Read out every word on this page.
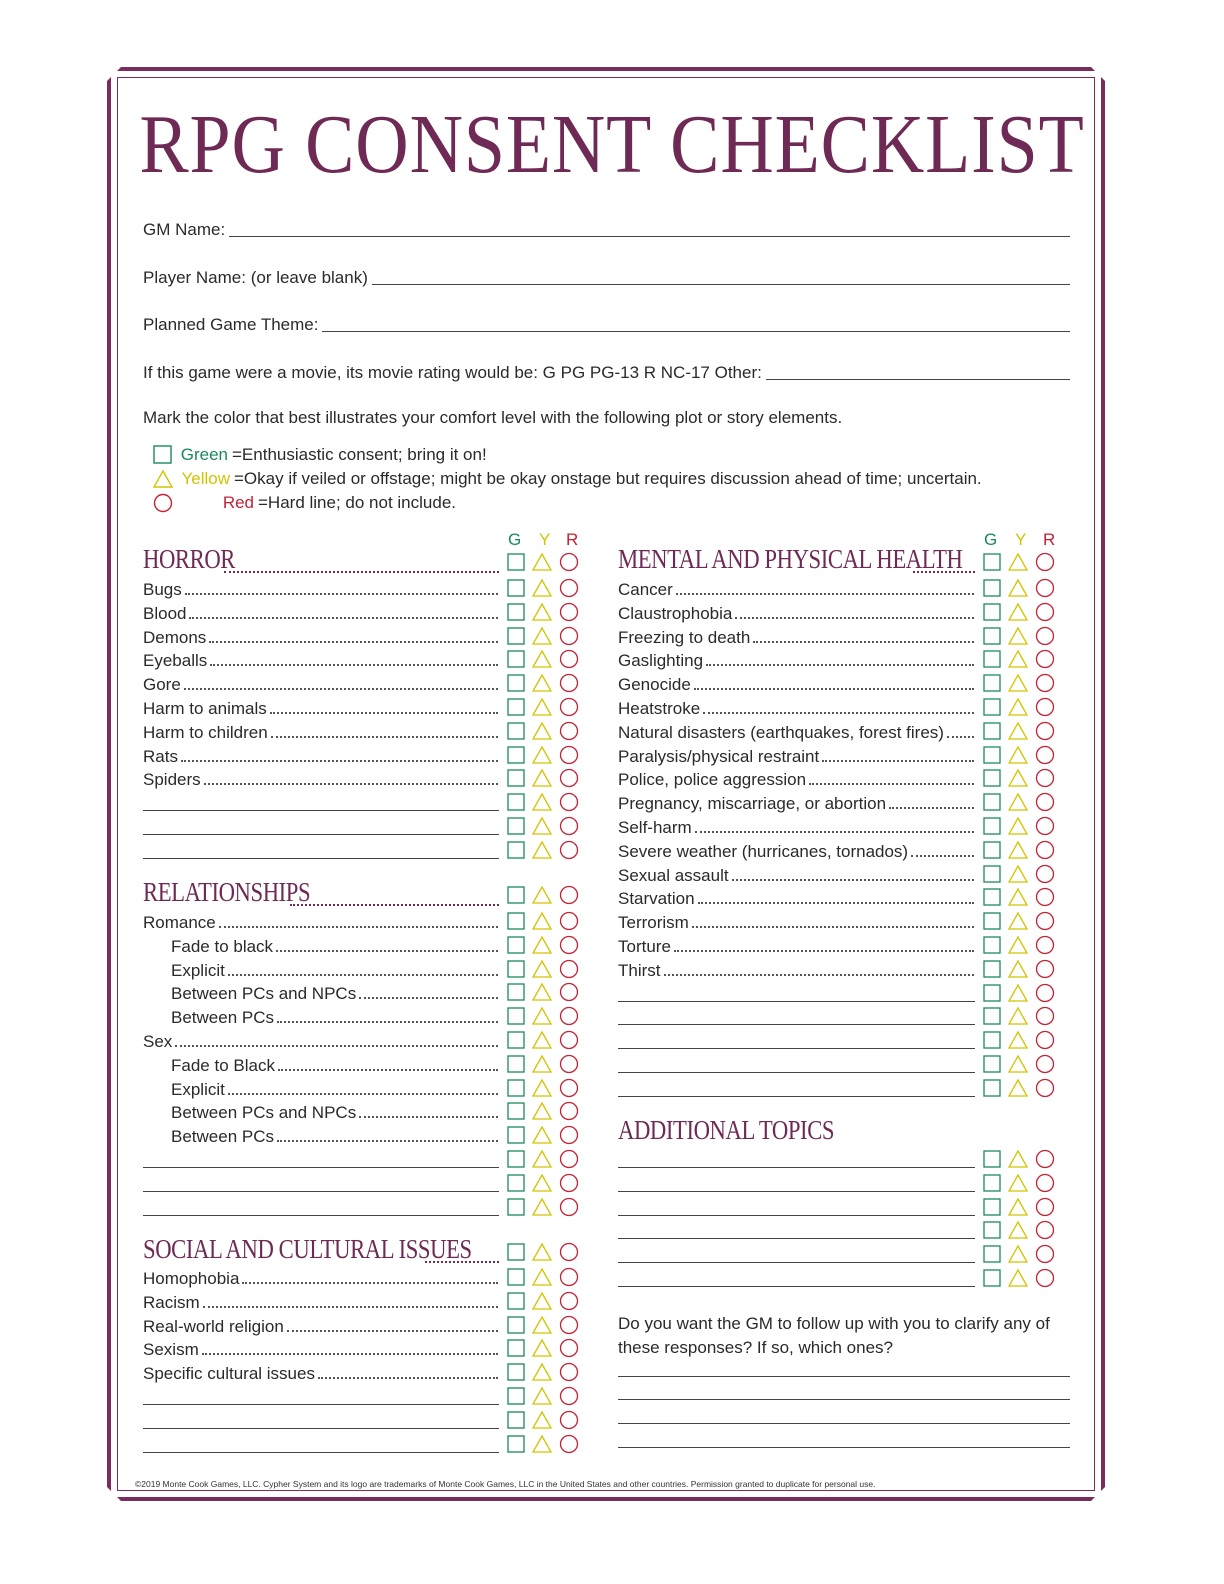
RPG CONSENT CHECKLIST
GM Name:
Player Name: (or leave blank)
Planned Game Theme:
If this game were a movie, its movie rating would be: G PG PG-13 R NC-17 Other:
Mark the color that best illustrates your comfort level with the following plot or story elements.
Green =Enthusiastic consent; bring it on!
Yellow =Okay if veiled or offstage; might be okay onstage but requires discussion ahead of time; uncertain.
Red =Hard line; do not include.
G Y R	G Y R
HORROR
Bugs
Blood
Demons
Eyeballs
Gore
Harm to animals
Harm to children
Rats
Spiders
RELATIONSHIPS
Romance
Fade to black
Explicit
Between PCs and NPCs
Between PCs
Sex
Fade to Black
Explicit
Between PCs and NPCs
Between PCs
SOCIAL AND CULTURAL ISSUES
Homophobia
Racism
Real-world religion
Sexism
Specific cultural issues
MENTAL AND PHYSICAL HEALTH
Cancer
Claustrophobia
Freezing to death
Gaslighting
Genocide
Heatstroke
Natural disasters (earthquakes, forest fires)
Paralysis/physical restraint
Police, police aggression
Pregnancy, miscarriage, or abortion
Self-harm
Severe weather (hurricanes, tornados)
Sexual assault
Starvation
Terrorism
Torture
Thirst
ADDITIONAL TOPICS
Do you want the GM to follow up with you to clarify any of these responses? If so, which ones?
©2019 Monte Cook Games, LLC. Cypher System and its logo are trademarks of Monte Cook Games, LLC in the United States and other countries. Permission granted to duplicate for personal use.
